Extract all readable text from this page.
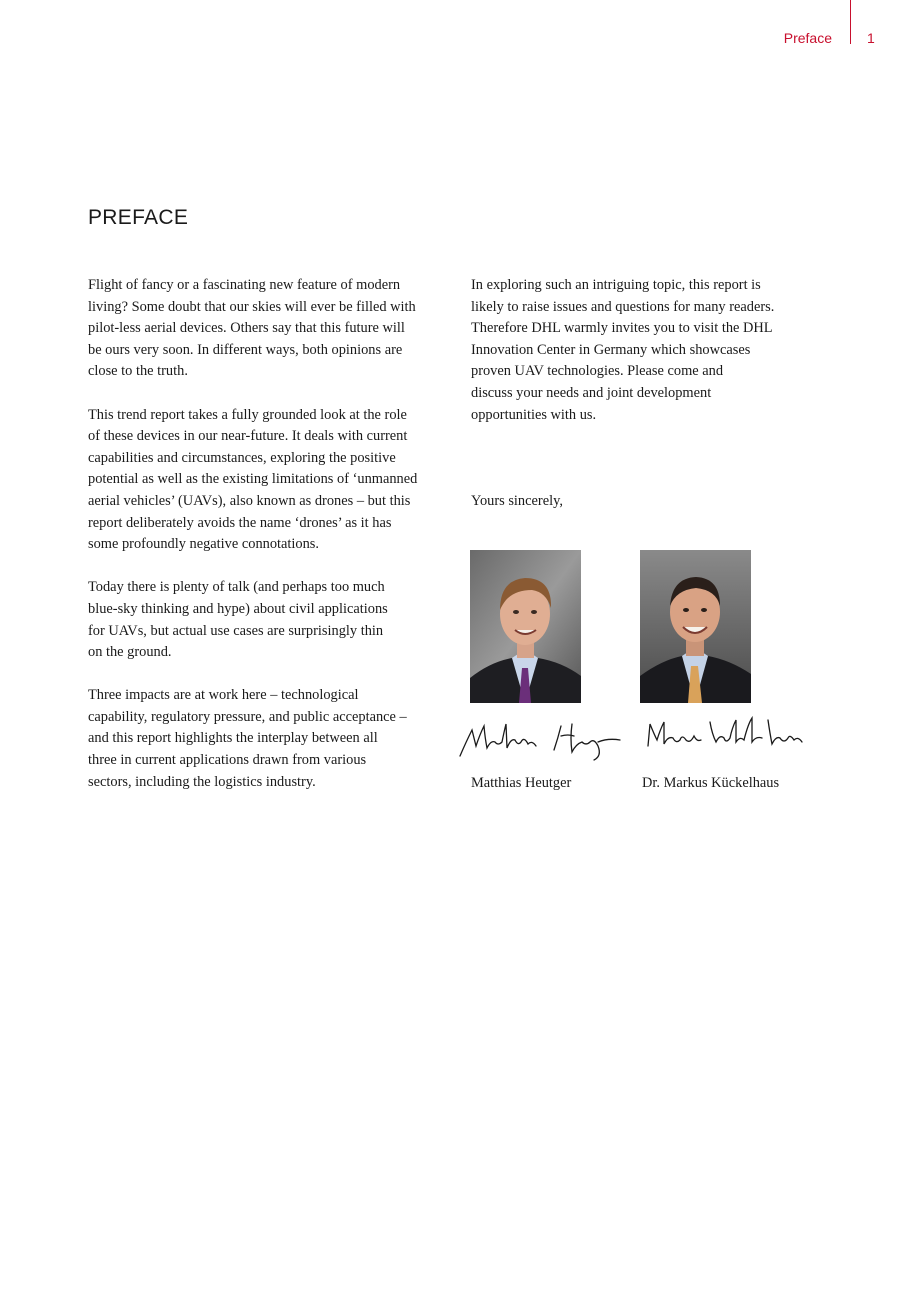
Preface	1
PREFACE

Flight of fancy or a fascinating new feature of modern
living? Some doubt that our skies will ever be filled with
pilot-less aerial devices. Others say that this future will
be ours very soon. In different ways, both opinions are
close to the truth.

This trend report takes a fully grounded look at the role
of these devices in our near-future. It deals with current
capabilities and circumstances, exploring the positive
potential as well as the existing limitations of ‘unmanned
aerial vehicles’ (UAVs), also known as drones – but this
report deliberately avoids the name ‘drones’ as it has
some profoundly negative connotations.

Today there is plenty of talk (and perhaps too much
blue-sky thinking and hype) about civil applications
for UAVs, but actual use cases are surprisingly thin
on the ground.

Three impacts are at work here – technological
capability, regulatory pressure, and public acceptance –
and this report highlights the interplay between all
three in current applications drawn from various
sectors, including the logistics industry.

In exploring such an intriguing topic, this report is
likely to raise issues and questions for many readers.
Therefore DHL warmly invites you to visit the DHL
Innovation Center in Germany which showcases
proven UAV technologies. Please come and
discuss your needs and joint development
opportunities with us.

Yours sincerely,

Matthias Heutger	Dr. Markus Kückelhaus
